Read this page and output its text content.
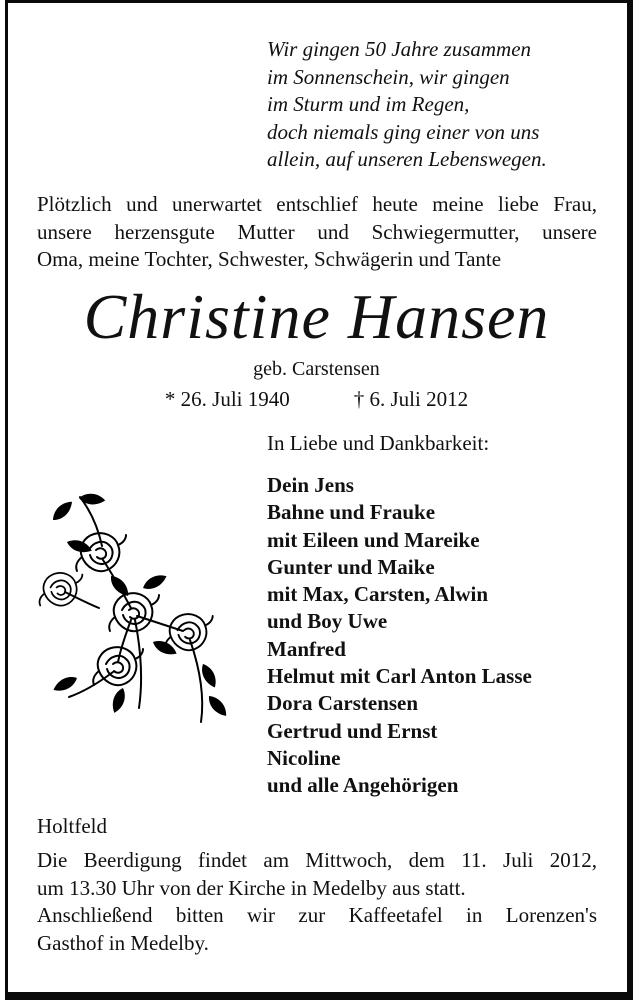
Wir gingen 50 Jahre zusammen
im Sonnenschein, wir gingen
im Sturm und im Regen,
doch niemals ging einer von uns
allein, auf unseren Lebenswegen.
Plötzlich und unerwartet entschlief heute meine liebe Frau,
unsere herzensgute Mutter und Schwiegermutter, unsere
Oma, meine Tochter, Schwester, Schwägerin und Tante
Christine Hansen
geb. Carstensen
* 26. Juli 1940	† 6. Juli 2012
In Liebe und Dankbarkeit:
Dein Jens
Bahne und Frauke
mit Eileen und Mareike
Gunter und Maike
mit Max, Carsten, Alwin
und Boy Uwe
Manfred
Helmut mit Carl Anton Lasse
Dora Carstensen
Gertrud und Ernst
Nicoline
und alle Angehörigen
Holtfeld
Die Beerdigung findet am Mittwoch, dem 11. Juli 2012,
um 13.30 Uhr von der Kirche in Medelby aus statt.
Anschließend bitten wir zur Kaffeetafel in Lorenzen's
Gasthof in Medelby.
